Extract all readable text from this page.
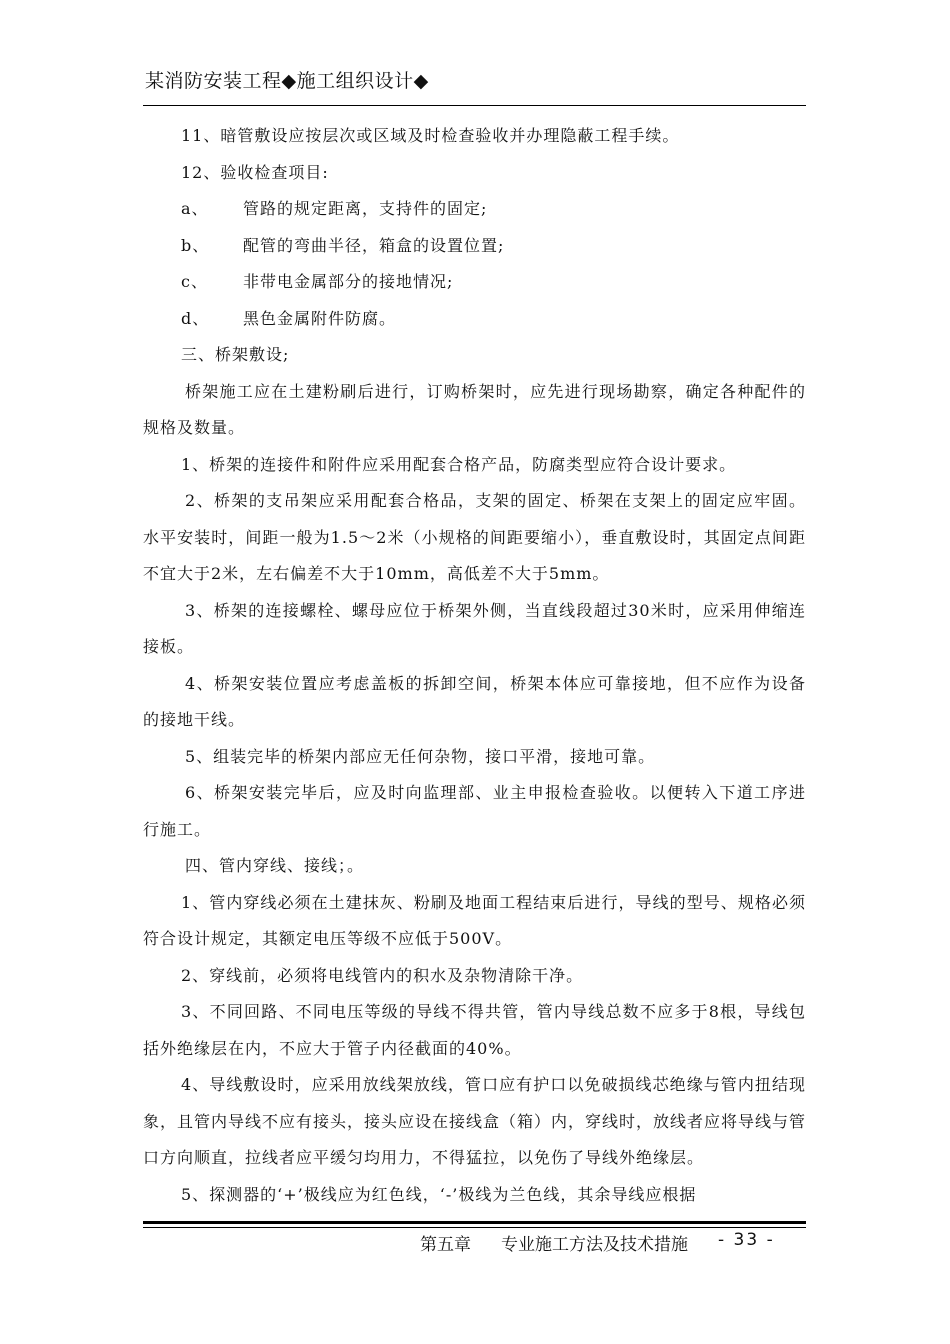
某消防安装工程◆施工组织设计◆

11、暗管敷设应按层次或区域及时检查验收并办理隐蔽工程手续。

12、验收检查项目:

a、	管路的规定距离，支持件的固定;
b、	配管的弯曲半径，箱盒的设置位置;
c、	非带电金属部分的接地情况;
d、	黑色金属附件防腐。

三、桥架敷设;

桥架施工应在土建粉刷后进行，订购桥架时，应先进行现场勘察，确定各种配件的规格及数量。

1、桥架的连接件和附件应采用配套合格产品，防腐类型应符合设计要求。

2、桥架的支吊架应采用配套合格品，支架的固定、桥架在支架上的固定应牢固。水平安装时，间距一般为1.5～2米（小规格的间距要缩小），垂直敷设时，其固定点间距不宜大于2米，左右偏差不大于10mm，高低差不大于5mm。

3、桥架的连接螺栓、螺母应位于桥架外侧，当直线段超过30米时，应采用伸缩连接板。

4、桥架安装位置应考虑盖板的拆卸空间，桥架本体应可靠接地，但不应作为设备的接地干线。

5、组装完毕的桥架内部应无任何杂物，接口平滑，接地可靠。

6、桥架安装完毕后，应及时向监理部、业主申报检查验收。以便转入下道工序进行施工。

四、管内穿线、接线；。

1、管内穿线必须在土建抹灰、粉刷及地面工程结束后进行，导线的型号、规格必须符合设计规定，其额定电压等级不应低于500V。

2、穿线前，必须将电线管内的积水及杂物清除干净。

3、不同回路、不同电压等级的导线不得共管，管内导线总数不应多于8根，导线包括外绝缘层在内，不应大于管子内径截面的40%。

4、导线敷设时，应采用放线架放线，管口应有护口以免破损线芯绝缘与管内扭结现象，且管内导线不应有接头，接头应设在接线盒（箱）内，穿线时，放线者应将导线与管口方向顺直，拉线者应平缓匀均用力，不得猛拉，以免伤了导线外绝缘层。

5、探测器的‘+’极线应为红色线，‘-’极线为兰色线，其余导线应根据

第五章 专业施工方法及技术措施 - 33 -
